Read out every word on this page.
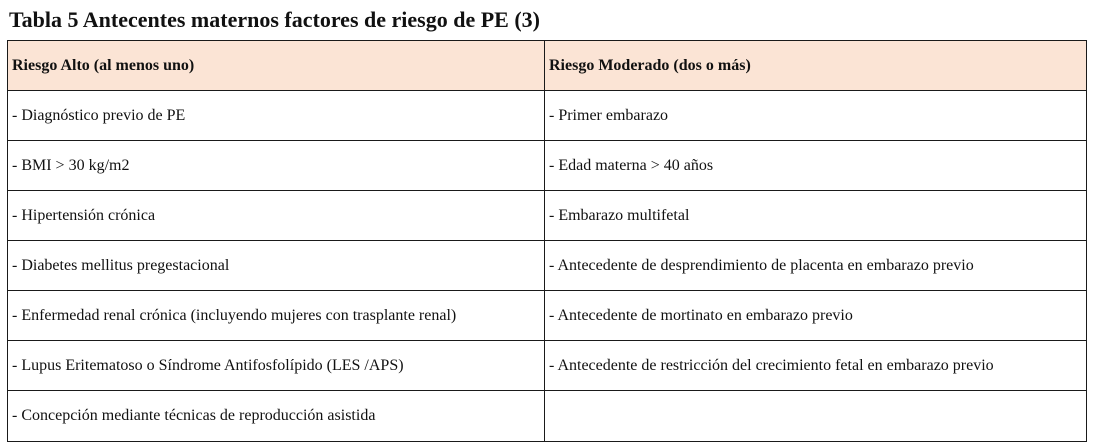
Tabla 5 Antecentes maternos factores de riesgo de PE (3)
Riesgo Alto (al menos uno)	Riesgo Moderado (dos o más)
- Diagnóstico previo de PE	- Primer embarazo
- BMI > 30 kg/m2	- Edad materna > 40 años
- Hipertensión crónica	- Embarazo multifetal
- Diabetes mellitus pregestacional	- Antecedente de desprendimiento de placenta en embarazo previo
- Enfermedad renal crónica (incluyendo mujeres con trasplante renal)	- Antecedente de mortinato en embarazo previo
- Lupus Eritematoso o Síndrome Antifosfolípido (LES /APS)	- Antecedente de restricción del crecimiento fetal en embarazo previo
- Concepción mediante técnicas de reproducción asistida	
